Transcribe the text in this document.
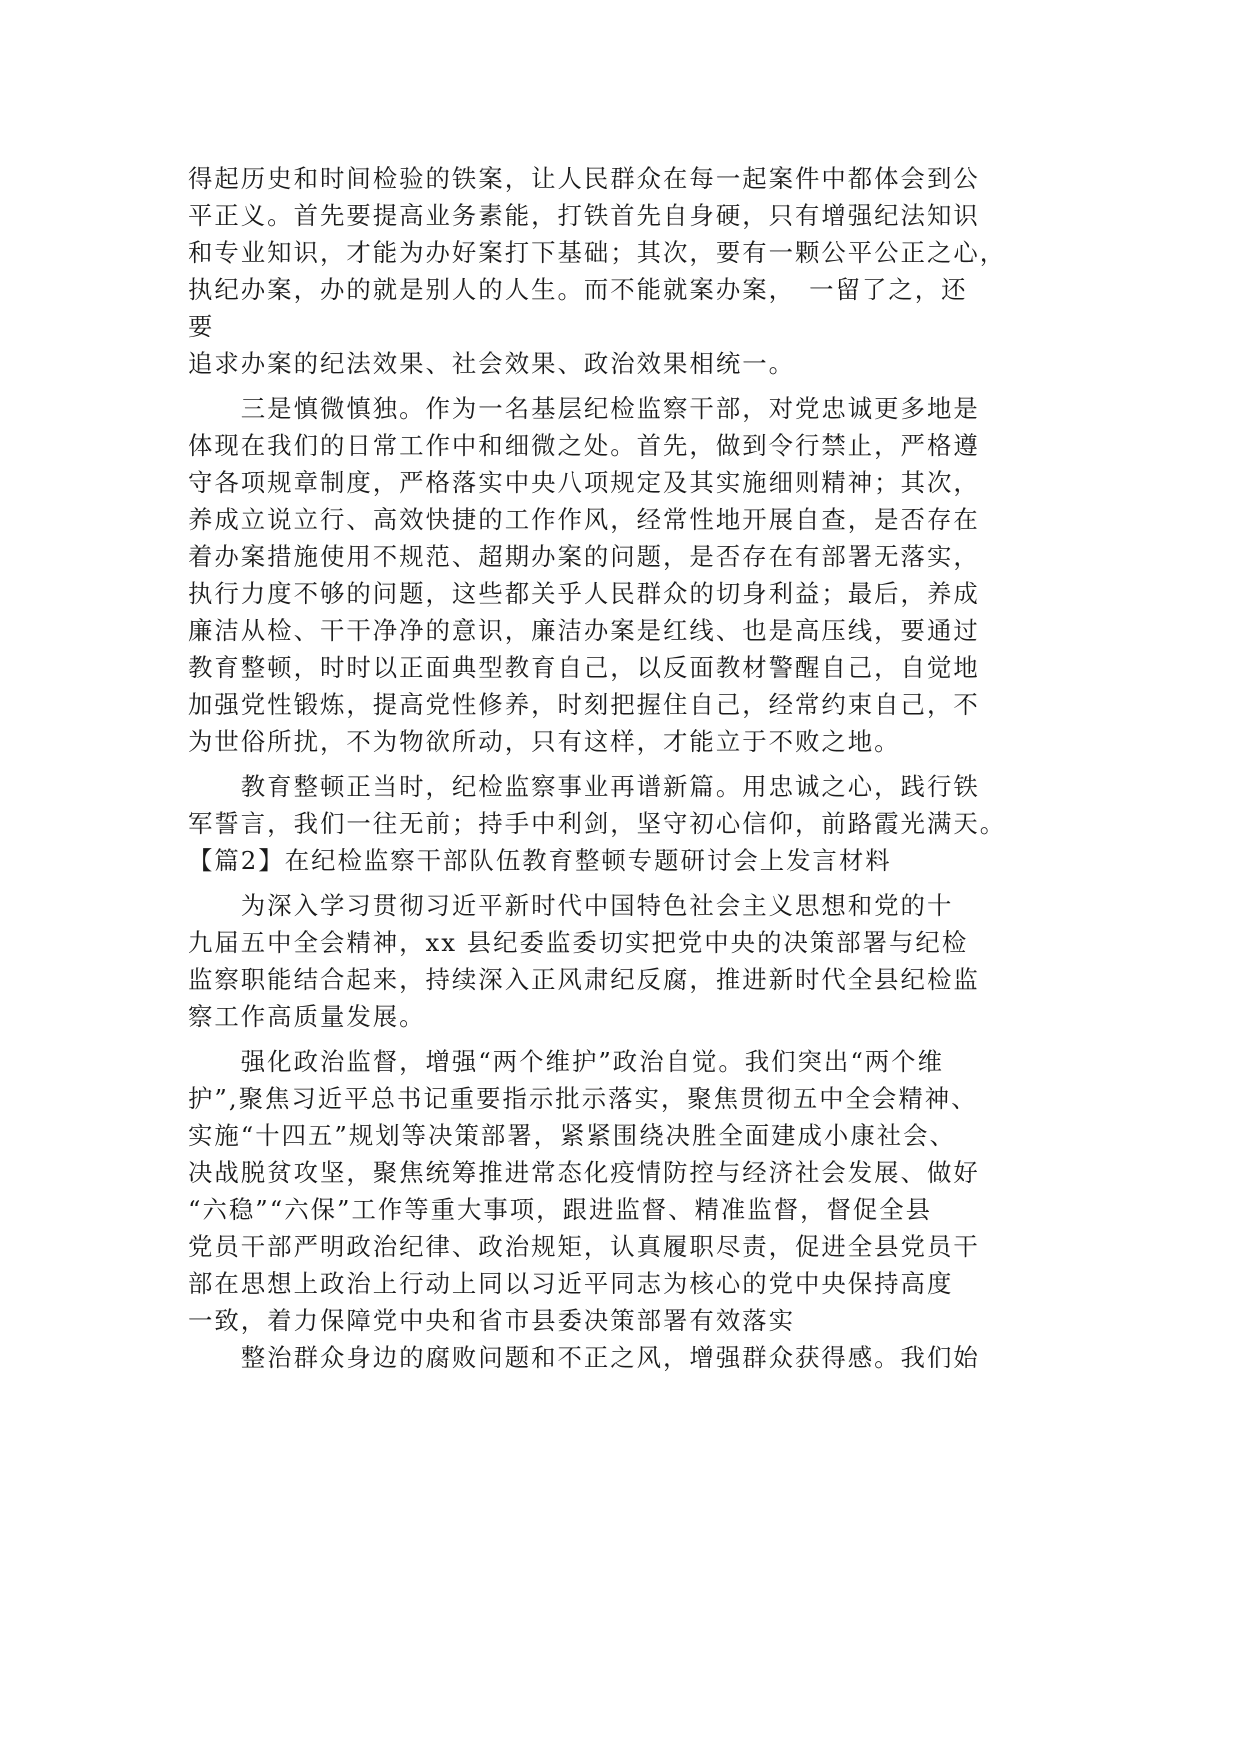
得起历史和时间检验的铁案，让人民群众在每一起案件中都体会到公
平正义。首先要提高业务素能，打铁首先自身硬，只有增强纪法知识
和专业知识，才能为办好案打下基础；其次，要有一颗公平公正之心，
执纪办案，办的就是别人的人生。而不能就案办案，　一留了之，还
要
追求办案的纪法效果、社会效果、政治效果相统一。
　　三是慎微慎独。作为一名基层纪检监察干部，对党忠诚更多地是
体现在我们的日常工作中和细微之处。首先，做到令行禁止，严格遵
守各项规章制度，严格落实中央八项规定及其实施细则精神；其次，
养成立说立行、高效快捷的工作作风，经常性地开展自查，是否存在
着办案措施使用不规范、超期办案的问题，是否存在有部署无落实，
执行力度不够的问题，这些都关乎人民群众的切身利益；最后，养成
廉洁从检、干干净净的意识，廉洁办案是红线、也是高压线，要通过
教育整顿，时时以正面典型教育自己，以反面教材警醒自己，自觉地
加强党性锻炼，提高党性修养，时刻把握住自己，经常约束自己，不
为世俗所扰，不为物欲所动，只有这样，才能立于不败之地。
　　教育整顿正当时，纪检监察事业再谱新篇。用忠诚之心，践行铁
军誓言，我们一往无前；持手中利剑，坚守初心信仰，前路霞光满天。
【篇2】在纪检监察干部队伍教育整顿专题研讨会上发言材料
　　为深入学习贯彻习近平新时代中国特色社会主义思想和党的十
九届五中全会精神，xx 县纪委监委切实把党中央的决策部署与纪检
监察职能结合起来，持续深入正风肃纪反腐，推进新时代全县纪检监
察工作高质量发展。
　　强化政治监督，增强“两个维护”政治自觉。我们突出“两个维
护”,聚焦习近平总书记重要指示批示落实，聚焦贯彻五中全会精神、
实施“十四五”规划等决策部署，紧紧围绕决胜全面建成小康社会、
决战脱贫攻坚，聚焦统筹推进常态化疫情防控与经济社会发展、做好
“六稳”“六保”工作等重大事项，跟进监督、精准监督，督促全县
党员干部严明政治纪律、政治规矩，认真履职尽责，促进全县党员干
部在思想上政治上行动上同以习近平同志为核心的党中央保持高度
一致，着力保障党中央和省市县委决策部署有效落实
　　整治群众身边的腐败问题和不正之风，增强群众获得感。我们始
